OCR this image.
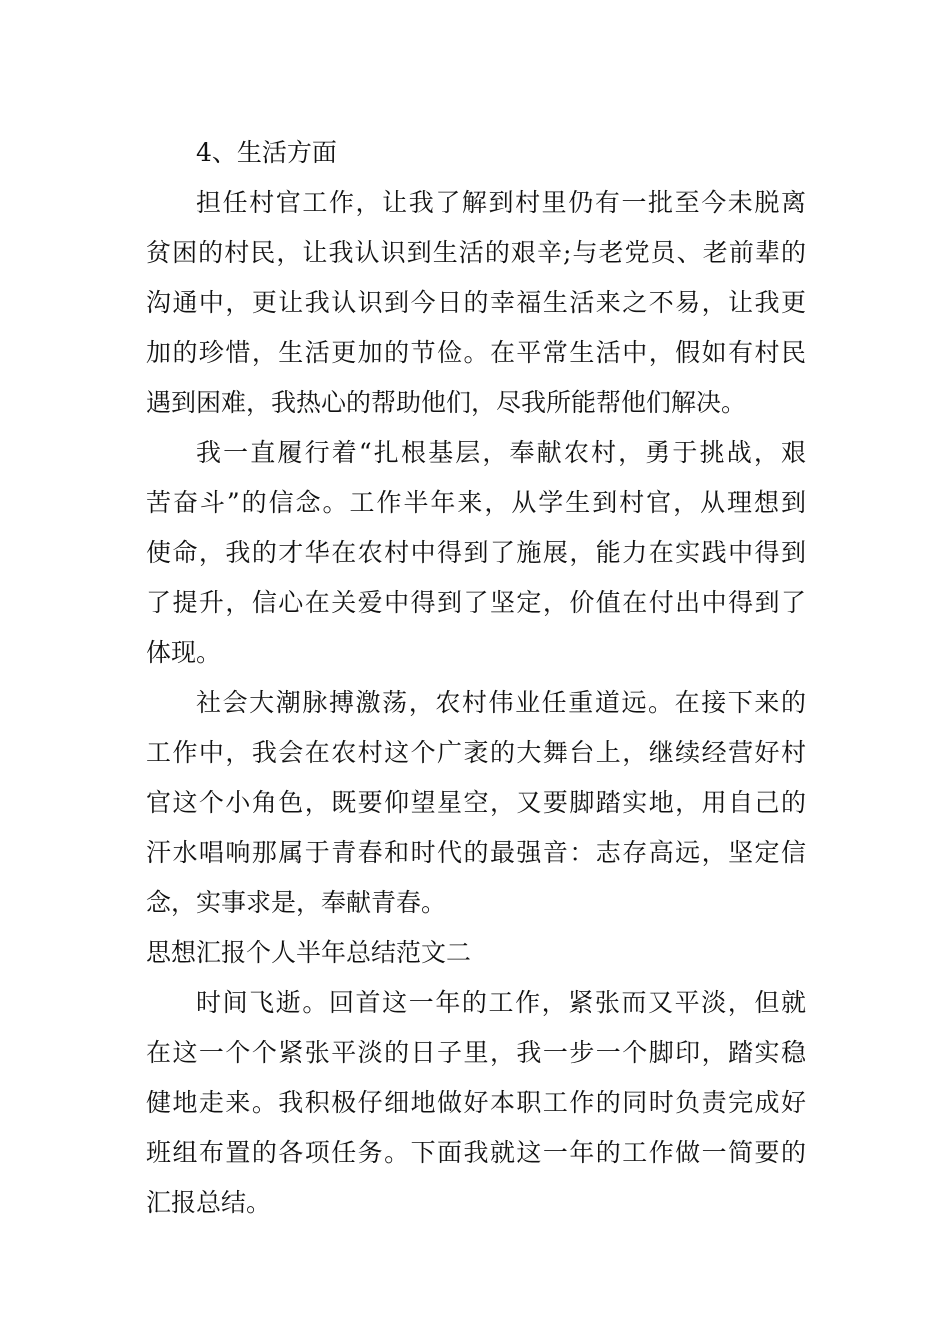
4、生活方面
担任村官工作，让我了解到村里仍有一批至今未脱离
贫困的村民，让我认识到生活的艰辛;与老党员、老前辈的
沟通中，更让我认识到今日的幸福生活来之不易，让我更
加的珍惜，生活更加的节俭。在平常生活中，假如有村民
遇到困难，我热心的帮助他们，尽我所能帮他们解决。
我一直履行着“扎根基层，奉献农村，勇于挑战，艰
苦奋斗”的信念。工作半年来，从学生到村官，从理想到
使命，我的才华在农村中得到了施展，能力在实践中得到
了提升，信心在关爱中得到了坚定，价值在付出中得到了
体现。
社会大潮脉搏激荡，农村伟业任重道远。在接下来的
工作中，我会在农村这个广袤的大舞台上，继续经营好村
官这个小角色，既要仰望星空，又要脚踏实地，用自己的
汗水唱响那属于青春和时代的最强音：志存高远，坚定信
念，实事求是，奉献青春。
思想汇报个人半年总结范文二
时间飞逝。回首这一年的工作，紧张而又平淡，但就
在这一个个紧张平淡的日子里，我一步一个脚印，踏实稳
健地走来。我积极仔细地做好本职工作的同时负责完成好
班组布置的各项任务。下面我就这一年的工作做一简要的
汇报总结。
